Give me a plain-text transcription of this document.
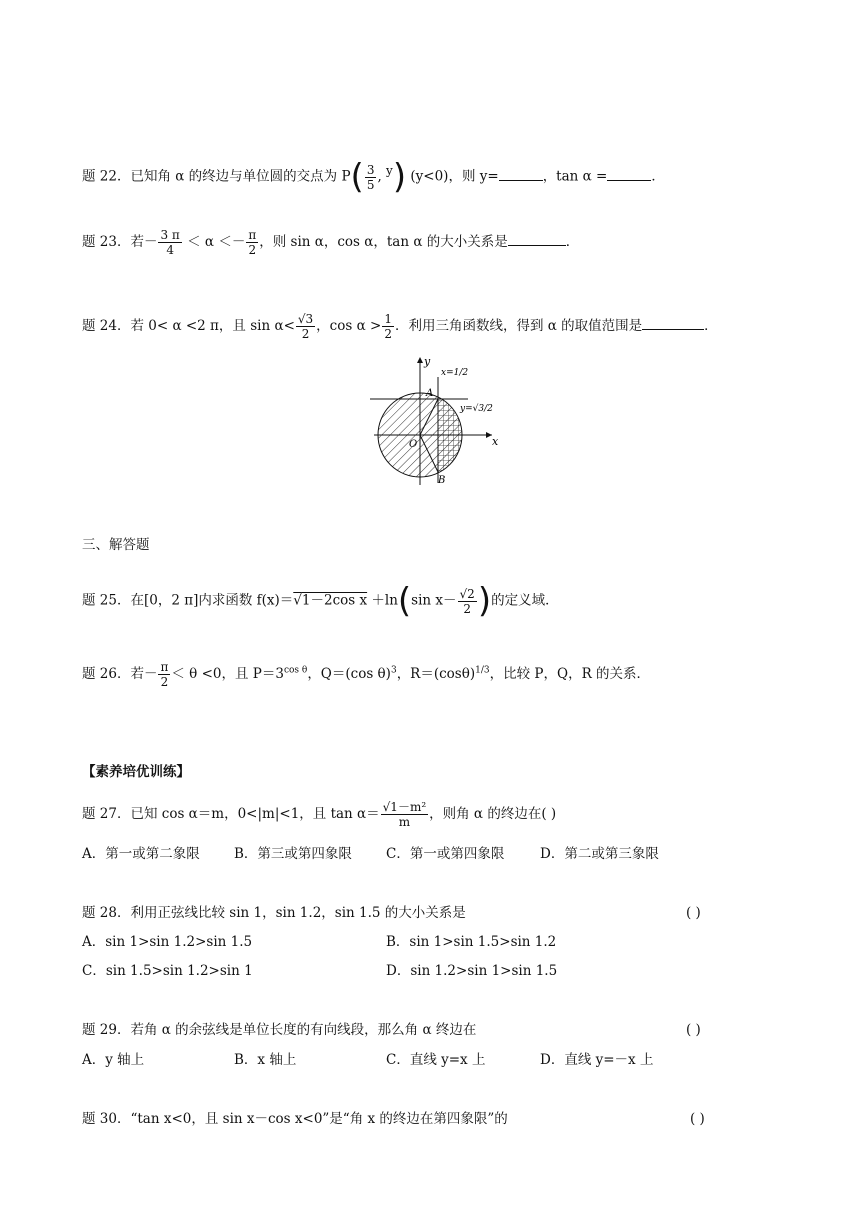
题 22．已知角 α 的终边与单位圆的交点为 $P( \frac{3}{5}$ , y) (y<0)，则 y=	，tan α =	．
题 23．若－ $\frac{3 \pi}{4} < \alpha <- \frac{\pi}{2}$ ，则 sin α，cos α，tan α 的大小关系是	．
题 24．若 0< α <2 π，且 $\sin \alpha< \frac{√3}{2}$ ，$\cos \alpha > \frac{1}{2}$ ．利用三角函数线，得到 α 的取值范围是	．
y
x
O
A
B
x=1/2
y=√3/2
三、解答题
题 25．在[0，2 π]内求函数 f(x)＝√1－2cos x ＋ln(sin $x- \frac{√2}{2}$ )的定义域．
题 26．若－ $\frac{\pi}{2} < \theta <0$，且 $P=3^{cos \theta}$，Q＝(cos θ)$^3$，$R=(\cos\theta)^{1/3}$，比较 P，Q，R 的关系．
【素养培优训练】
题 27．已知 cos α＝m，0<|m|<1，且 $\tan \alpha= \frac{\text{√1－m²}}{m}$ ，则角 α 的终边在( )
A．第一或第二象限	B．第三或第四象限	C．第一或第四象限	D．第二或第三象限
题 28．利用正弦线比较 sin 1，sin 1.2，sin 1.5 的大小关系是	( )
A．sin 1>sin 1.2>sin 1.5	B．sin 1>sin 1.5>sin 1.2
C．sin 1.5>sin 1.2>sin 1	D．sin 1.2>sin 1>sin 1.5
题 29．若角 α 的余弦线是单位长度的有向线段，那么角 α 终边在	( )
A．y 轴上	B．x 轴上	C．直线 y=x 上	D．直线 y=－x 上
题 30．“tan x<0，且 sin x－cos x<0”是“角 x 的终边在第四象限”的	( )
